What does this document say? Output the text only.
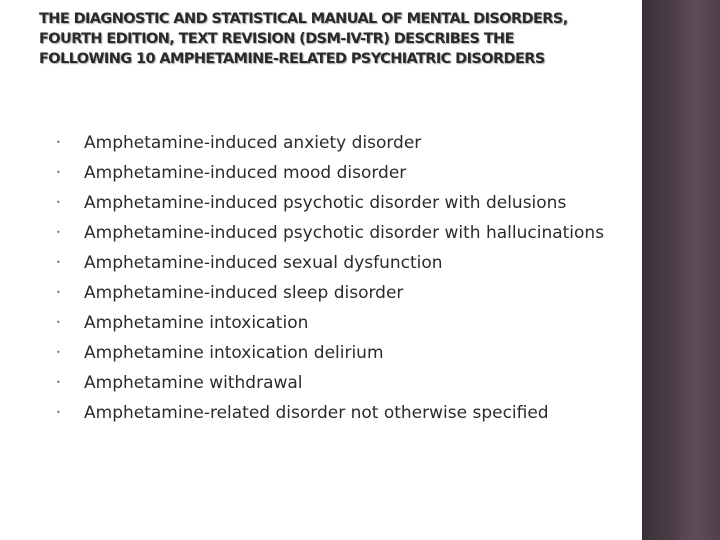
THE DIAGNOSTIC AND STATISTICAL MANUAL OF MENTAL DISORDERS, FOURTH EDITION, TEXT REVISION (DSM-IV-TR) DESCRIBES THE FOLLOWING 10 AMPHETAMINE-RELATED PSYCHIATRIC DISORDERS
•	Amphetamine-induced anxiety disorder
•	Amphetamine-induced mood disorder
•	Amphetamine-induced psychotic disorder with delusions
•	Amphetamine-induced psychotic disorder with hallucinations
•	Amphetamine-induced sexual dysfunction
•	Amphetamine-induced sleep disorder
•	Amphetamine intoxication
•	Amphetamine intoxication delirium
•	Amphetamine withdrawal
•	Amphetamine-related disorder not otherwise specified
